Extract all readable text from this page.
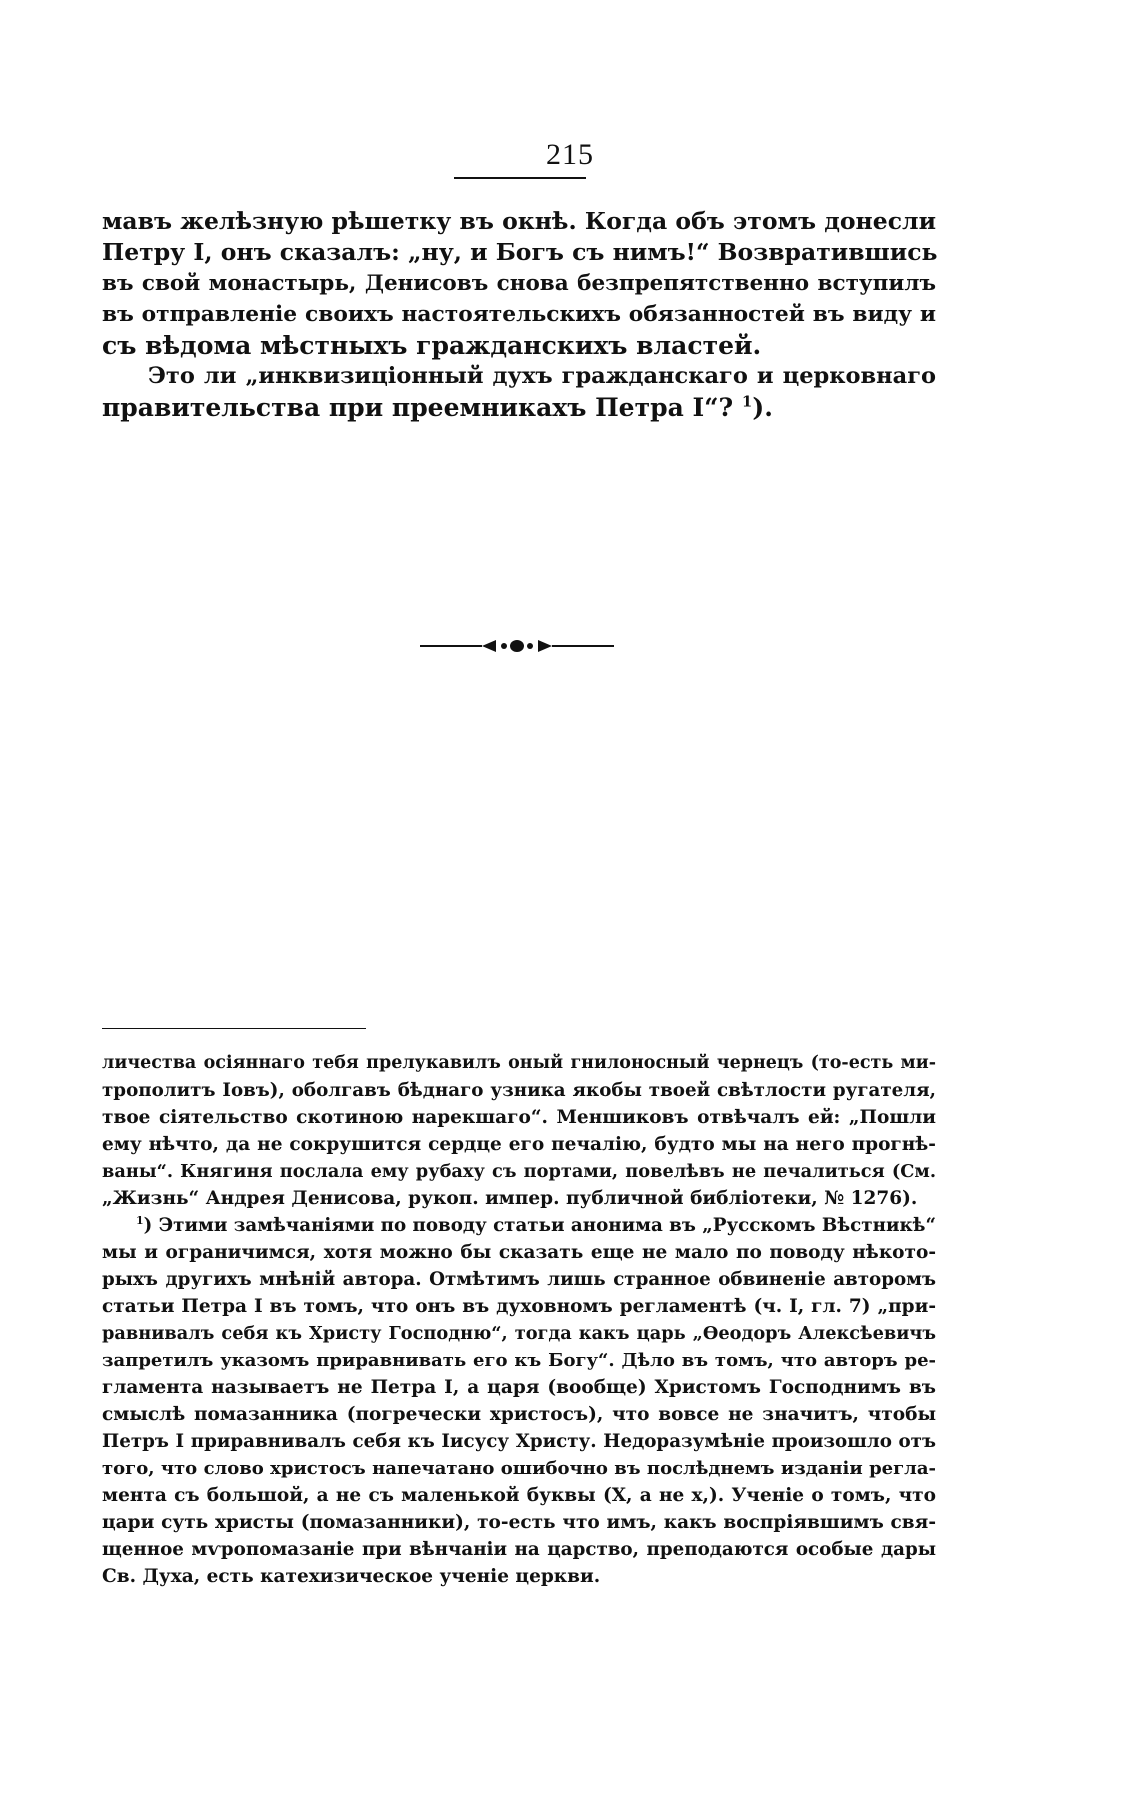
215
мавъ желѣзную рѣшетку въ окнѣ. Когда объ этомъ донесли
Петру I, онъ сказалъ: „ну, и Богъ съ нимъ!“ Возвратившись
въ свой монастырь, Денисовъ снова безпрепятственно вступилъ
въ отправленіе своихъ настоятельскихъ обязанностей въ виду и
съ вѣдома мѣстныхъ гражданскихъ властей.
Это ли „инквизиціонный духъ гражданскаго и церковнаго
правительства при преемникахъ Петра I“? $^1$).
личества осіяннаго тебя прелукавилъ оный гнилоносный чернецъ (то-есть ми-
трополитъ Іовъ), оболгавъ бѣднаго узника якобы твоей свѣтлости ругателя,
твое сіятельство скотиною нарекшаго“. Меншиковъ отвѣчалъ ей: „Пошли
ему нѣчто, да не сокрушится сердце его печалію, будто мы на него прогнѣ-
ваны“. Княгиня послала ему рубаху съ портами, повелѣвъ не печалиться (См.
„Жизнь“ Андрея Денисова, рукоп. импер. публичной библіотеки, № 1276).
$^1$) Этими замѣчаніями по поводу статьи анонима въ „Русскомъ Вѣстникѣ“
мы и ограничимся, хотя можно бы сказать еще не мало по поводу нѣкото-
рыхъ другихъ мнѣній автора. Отмѣтимъ лишь странное обвиненіе авторомъ
статьи Петра I въ томъ, что онъ въ духовномъ регламентѣ (ч. I, гл. 7) „при-
равнивалъ себя къ Христу Господню“, тогда какъ царь „Ѳеодоръ Алексѣевичъ
запретилъ указомъ приравнивать его къ Богу“. Дѣло въ томъ, что авторъ ре-
гламента называетъ не Петра I, а царя (вообще) Христомъ Господнимъ въ
смыслѣ помазанника (погречески христосъ), что вовсе не значитъ, чтобы
Петръ I приравнивалъ себя къ Іисусу Христу. Недоразумѣніе произошло отъ
того, что слово христосъ напечатано ошибочно въ послѣднемъ изданіи регла-
мента съ большой, а не съ маленькой буквы (Х, а не х,). Ученіе о томъ, что
цари суть христы (помазанники), то-есть что имъ, какъ воспріявшимъ свя-
щенное мѵропомазаніе при вѣнчаніи на царство, преподаются особые дары
Св. Духа, есть катехизическое ученіе церкви.
